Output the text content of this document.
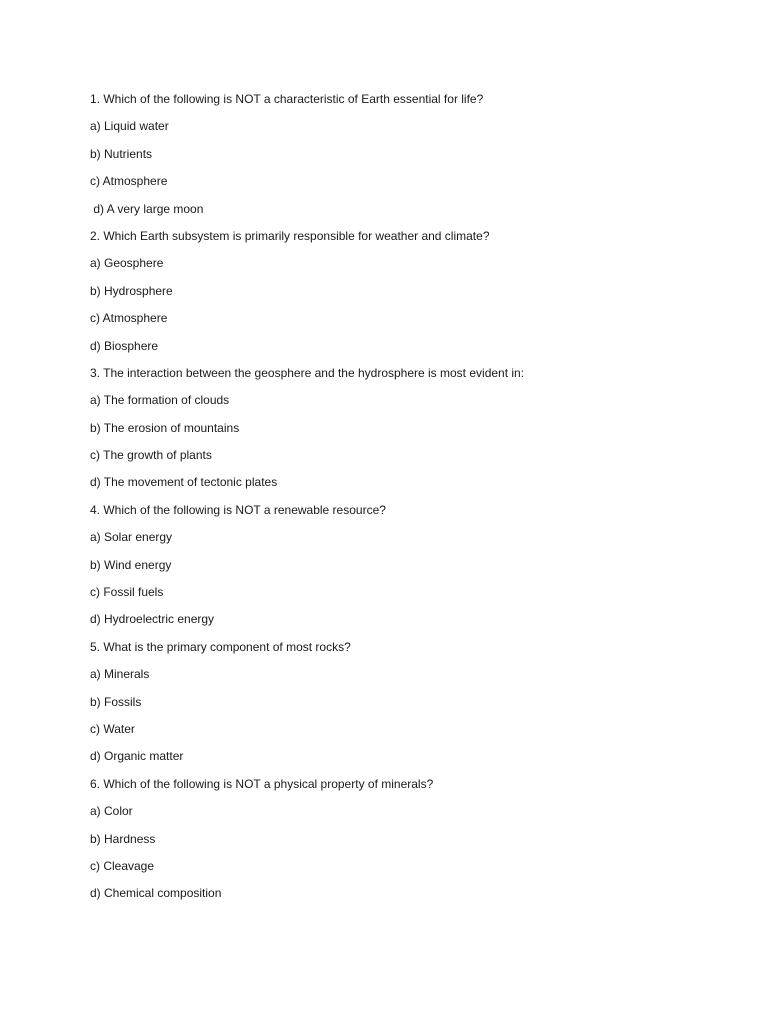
1. Which of the following is NOT a characteristic of Earth essential for life?
a) Liquid water
b) Nutrients
c) Atmosphere
d) A very large moon
2. Which Earth subsystem is primarily responsible for weather and climate?
a) Geosphere
b) Hydrosphere
c) Atmosphere
d) Biosphere
3. The interaction between the geosphere and the hydrosphere is most evident in:
a) The formation of clouds
b) The erosion of mountains
c) The growth of plants
d) The movement of tectonic plates
4. Which of the following is NOT a renewable resource?
a) Solar energy
b) Wind energy
c) Fossil fuels
d) Hydroelectric energy
5. What is the primary component of most rocks?
a) Minerals
b) Fossils
c) Water
d) Organic matter
6. Which of the following is NOT a physical property of minerals?
a) Color
b) Hardness
c) Cleavage
d) Chemical composition
